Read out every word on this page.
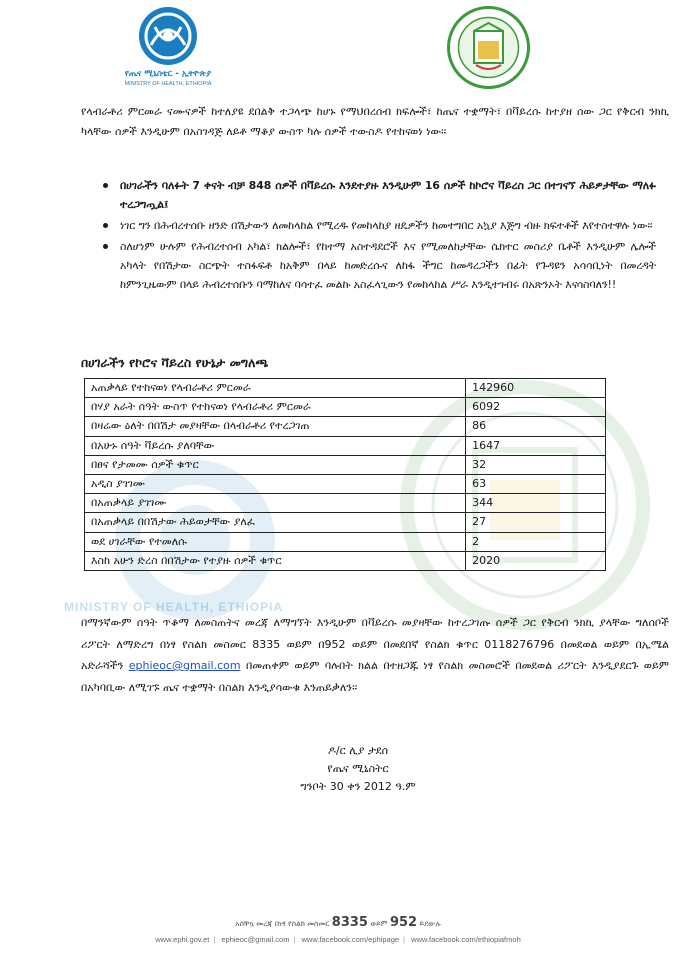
MINISTRY OF HEALTH, ETHIOPIA
የጤና ሚኒስቴር - ኢትዮጵያ
MINISTRY OF HEALTH, ETHIOPIA
የላብራቶሪ ምርመራ ናሙናዎች ከተለያዩ ደበልቅ ተጋላጭ ከሆኑ የማህበረሰብ ክፍሎች፣ ከጤና ተቋማት፣ በቫይረሱ ከተያዘ ሰው ጋር የቅርብ ንክኪ ካላቸው ሰዎች እንዲሁም በአስገዳጅ ለይቶ ማቆያ ውስጥ ካሉ ሰዎች ተውስዶ የተከናወነ ነው፡፡
በሀገራችን ባለፉት 7 ቀናት ብቻ 848 ሰዎች በቫይረሱ እንደተያዙ እንዲሁም 16 ሰዎች ከኮሮና ቫይረስ ጋር በተገናኘ ሕይዎታቸው ማለፉ ተረጋግጧል፤
ነገር ግን በሕብረተሰቡ ዘንድ በሽታውን ለመከላከል የሚረዱ የመከላከያ ዘዴዎችን ከመተግበር አኳያ እጅግ ብዙ ክፍተቶች እየተስተዋሉ ነው፡፡
ስለሆነም ሁሉም የሕብረተሰብ አካል፣ ክልሎች፣ የከተማ አስተዳደሮች እና የሚመለከታቸው ሴክተር መስሪያ ቤቶች እንዲሁም ሌሎች አካላት የበሽታው ስርጭት ተስፋፍቶ ከአቅም በላይ ከመድረሱና ለከፋ ችግር ከመዳረጋችን በፊት የጉዳዩን አሳሳቢነት በመረዳት ከምንጊዜውም በላይ ሕብረተሰቡን ባማከለና ባሳተፈ መልኩ አስፈላጊውን የመከላከል ሥራ እንዲተገብሩ በአጽንኦት እናሳስባለን!!
በሀገራችን የኮሮና ቫይረስ የሁኔታ መግለጫ
አጠቃላይ የተከናወነ የላብራቶሪ ምርመራ	142960
በሃያ አራት ሰዓት ውስጥ የተከናወነ የላብራቶሪ ምርመራ	6092
በዛሬው ዕለት በበሽታ መያዛቸው በላብራቶሪ የተረጋገጠ	86
በአሁኑ ሰዓት ቫይረሱ ያለባቸው	1647
በፀና የታመሙ ሰዎች ቁጥር	32
አዲስ ያገገሙ	63
በአጠቃላይ ያገገሙ	344
በአጠቃላይ በበሽታው ሕይወታቸው ያለፈ	27
ወደ ሀገራቸው የተመለሱ	2
እስከ አሁን ድረስ በበሽታው የተያዙ ሰዎች ቁጥር	2020
በማንኛውም ሰዓት ጥቆማ ለመስጠትና መረጃ ለማግኘት እንዲሁም በቫይረሱ መያዛቸው ከተረጋገጡ ሰዎች ጋር የቅርብ ንክኪ ያላቸው ግለሰቦች ሪፖርት ለማድረግ በነፃ የስልክ መስመር 8335 ወይም በ952 ወይም በመደበኛ የስልክ ቁጥር 0118276796 በመደወል ወይም በኢሜል አድራሻችን ephieoc@gmail.com በመጠቀም ወይም ባሉበት ክልል በተዘጋጁ ነፃ የስልክ መስመሮች በመደወል ሪፖርት እንዲያደርጉ ወይም በአካባቢው ለሚገኙ ጤና ተቋማት በስልክ እንዲያሳውቁ እንጠይቃለን፡፡
ዶ/ር ሊያ ታደሰ
የጤና ሚኒስትር
ግንቦት 30 ቀን 2012 ዓ.ም
አስቸኳ መረጃ በነፃ የስልክ መስመር 8335 ወይም 952 ይደውሉ
www.ephi.gov.et | ephieoc@gmail.com | www.facebook.com/ephipage | www.facebook.com/ethiopiafmoh
